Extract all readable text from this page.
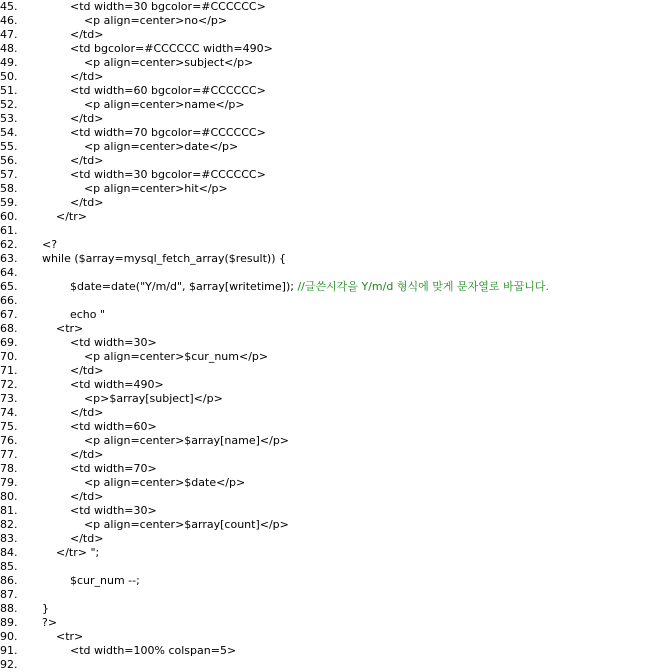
45.	<td width=30 bgcolor=#CCCCCC>
46.	<p align=center>no</p>
47.	</td>
48.	<td bgcolor=#CCCCCC width=490>
49.	<p align=center>subject</p>
50.	</td>
51.	<td width=60 bgcolor=#CCCCCC>
52.	<p align=center>name</p>
53.	</td>
54.	<td width=70 bgcolor=#CCCCCC>
55.	<p align=center>date</p>
56.	</td>
57.	<td width=30 bgcolor=#CCCCCC>
58.	<p align=center>hit</p>
59.	</td>
60.	</tr>
61.
62.	<?
63.	while ($array=mysql_fetch_array($result)) {
64.
65.	$date=date("Y/m/d", $array[writetime]); //글쓴시각을 Y/m/d 형식에 맞게 문자열로 바꿉니다.
66.
67.	echo "
68.	<tr>
69.	<td width=30>
70.	<p align=center>$cur_num</p>
71.	</td>
72.	<td width=490>
73.	<p>$array[subject]</p>
74.	</td>
75.	<td width=60>
76.	<p align=center>$array[name]</p>
77.	</td>
78.	<td width=70>
79.	<p align=center>$date</p>
80.	</td>
81.	<td width=30>
82.	<p align=center>$array[count]</p>
83.	</td>
84.	</tr> ";
85.
86.	$cur_num --;
87.
88.	}
89.	?>
90.	<tr>
91.	<td width=100% colspan=5>
92.
